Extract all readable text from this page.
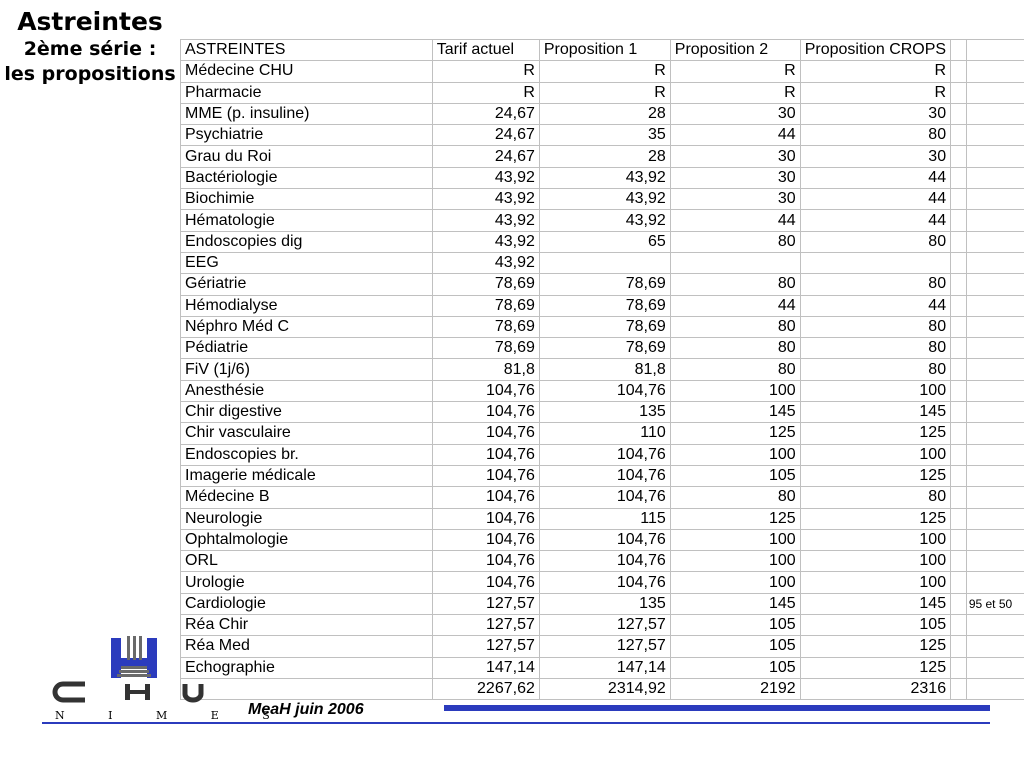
Astreintes
2ème série :
les propositions
ASTREINTES	Tarif actuel	Proposition 1	Proposition 2	Proposition CROPS		
Médecine CHU	R	R	R	R		
Pharmacie	R	R	R	R		
MME (p. insuline)	24,67	28	30	30		
Psychiatrie	24,67	35	44	80		
Grau du Roi	24,67	28	30	30		
Bactériologie	43,92	43,92	30	44		
Biochimie	43,92	43,92	30	44		
Hématologie	43,92	43,92	44	44		
Endoscopies dig	43,92	65	80	80		
EEG	43,92					
Gériatrie	78,69	78,69	80	80		
Hémodialyse	78,69	78,69	44	44		
Néphro Méd C	78,69	78,69	80	80		
Pédiatrie	78,69	78,69	80	80		
FiV (1j/6)	81,8	81,8	80	80		
Anesthésie	104,76	104,76	100	100		
Chir digestive	104,76	135	145	145		
Chir vasculaire	104,76	110	125	125		
Endoscopies br.	104,76	104,76	100	100		
Imagerie médicale	104,76	104,76	105	125		
Médecine B	104,76	104,76	80	80		
Neurologie	104,76	115	125	125		
Ophtalmologie	104,76	104,76	100	100		
ORL	104,76	104,76	100	100		
Urologie	104,76	104,76	100	100		
Cardiologie	127,57	135	145	145		95 et 50
Réa Chir	127,57	127,57	105	105		
Réa Med	127,57	127,57	105	125		
Echographie	147,14	147,14	105	125		
	2267,62	2314,92	2192	2316		
N I M E S
MeaH juin 2006
